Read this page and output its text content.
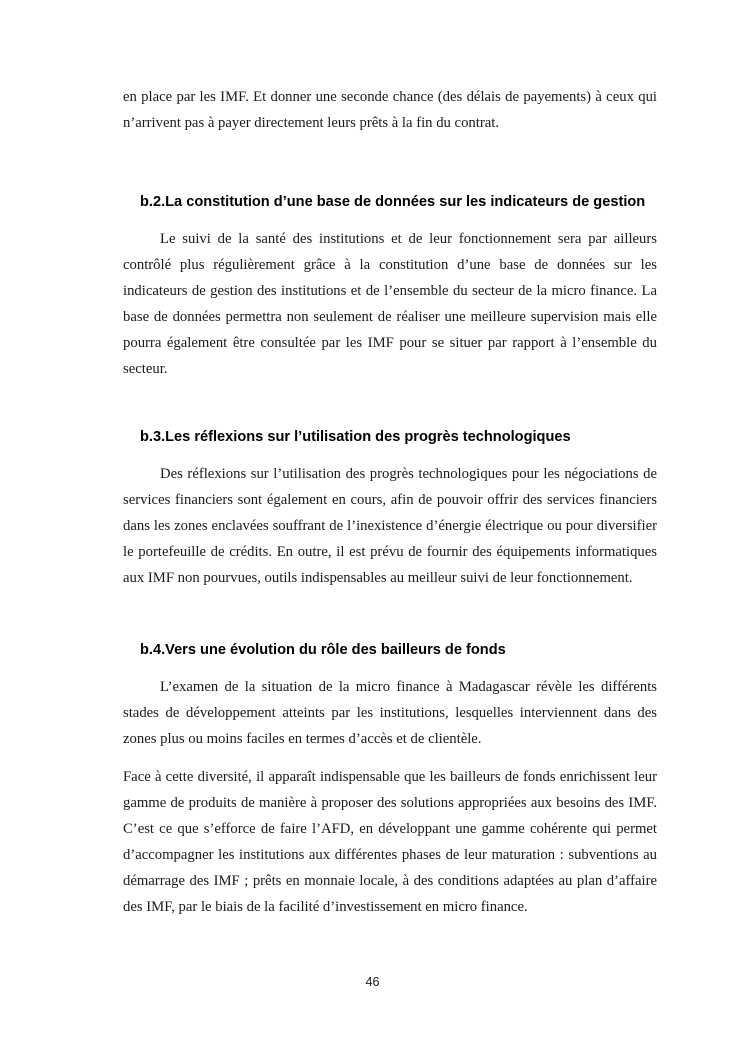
en place par les IMF. Et donner une seconde chance (des délais de payements) à ceux qui n’arrivent pas à payer directement leurs prêts à la fin du contrat.

b.2.La constitution d’une base de données sur les indicateurs de gestion

Le suivi de la santé des institutions et de leur fonctionnement sera par ailleurs contrôlé plus régulièrement grâce à la constitution d’une base de données sur les indicateurs de gestion des institutions et de l’ensemble du secteur de la micro finance. La base de données permettra non seulement de réaliser une meilleure supervision mais elle pourra également être consultée par les IMF pour se situer par rapport à l’ensemble du secteur.

b.3.Les réflexions sur l’utilisation des progrès technologiques

Des réflexions sur l’utilisation des progrès technologiques pour les négociations de services financiers sont également en cours, afin de pouvoir offrir des services financiers dans les zones enclavées souffrant de l’inexistence d’énergie électrique ou pour diversifier le portefeuille de crédits. En outre, il est prévu de fournir des équipements informatiques aux IMF non pourvues, outils indispensables au meilleur suivi de leur fonctionnement.

b.4.Vers une évolution du rôle des bailleurs de fonds

L’examen de la situation de la micro finance à Madagascar révèle les différents stades de développement atteints par les institutions, lesquelles interviennent dans des zones plus ou moins faciles en termes d’accès et de clientèle.

Face à cette diversité, il apparaît indispensable que les bailleurs de fonds enrichissent leur gamme de produits de manière à proposer des solutions appropriées aux besoins des IMF. C’est ce que s’efforce de faire l’AFD, en développant une gamme cohérente qui permet d’accompagner les institutions aux différentes phases de leur maturation : subventions au démarrage des IMF ; prêts en monnaie locale, à des conditions adaptées au plan d’affaire des IMF, par le biais de la facilité d’investissement en micro finance.

46
